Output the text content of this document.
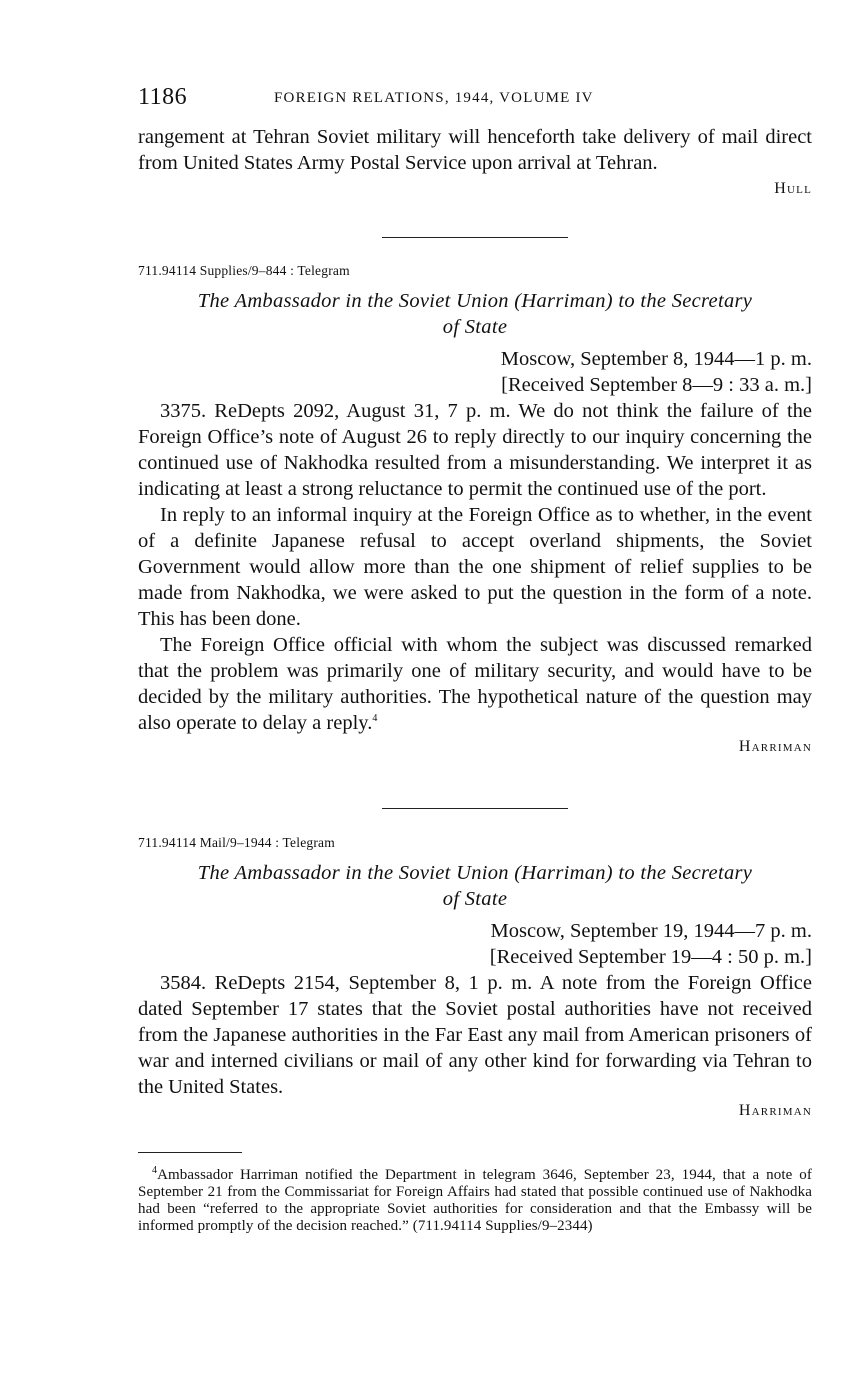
1186	FOREIGN RELATIONS, 1944, VOLUME IV

rangement at Tehran Soviet military will henceforth take delivery of mail direct from United States Army Postal Service upon arrival at Tehran.

Hull
711.94114 Supplies/9–844 : Telegram
The Ambassador in the Soviet Union (Harriman) to the Secretary
of State
Moscow, September 8, 1944—1 p. m.
[Received September 8—9 : 33 a. m.]

3375. ReDepts 2092, August 31, 7 p. m. We do not think the failure of the Foreign Office’s note of August 26 to reply directly to our inquiry concerning the continued use of Nakhodka resulted from a misunderstanding. We interpret it as indicating at least a strong reluctance to permit the continued use of the port.

In reply to an informal inquiry at the Foreign Office as to whether, in the event of a definite Japanese refusal to accept overland shipments, the Soviet Government would allow more than the one shipment of relief supplies to be made from Nakhodka, we were asked to put the question in the form of a note. This has been done.

The Foreign Office official with whom the subject was discussed remarked that the problem was primarily one of military security, and would have to be decided by the military authorities. The hypothetical nature of the question may also operate to delay a reply.$^4$

Harriman
711.94114 Mail/9–1944 : Telegram
The Ambassador in the Soviet Union (Harriman) to the Secretary
of State
Moscow, September 19, 1944—7 p. m.
[Received September 19—4 : 50 p. m.]

3584. ReDepts 2154, September 8, 1 p. m. A note from the Foreign Office dated September 17 states that the Soviet postal authorities have not received from the Japanese authorities in the Far East any mail from American prisoners of war and interned civilians or mail of any other kind for forwarding via Tehran to the United States.

Harriman
$^4$Ambassador Harriman notified the Department in telegram 3646, September 23, 1944, that a note of September 21 from the Commissariat for Foreign Affairs had stated that possible continued use of Nakhodka had been “referred to the appropriate Soviet authorities for consideration and that the Embassy will be informed promptly of the decision reached.” (711.94114 Supplies/9–2344)
